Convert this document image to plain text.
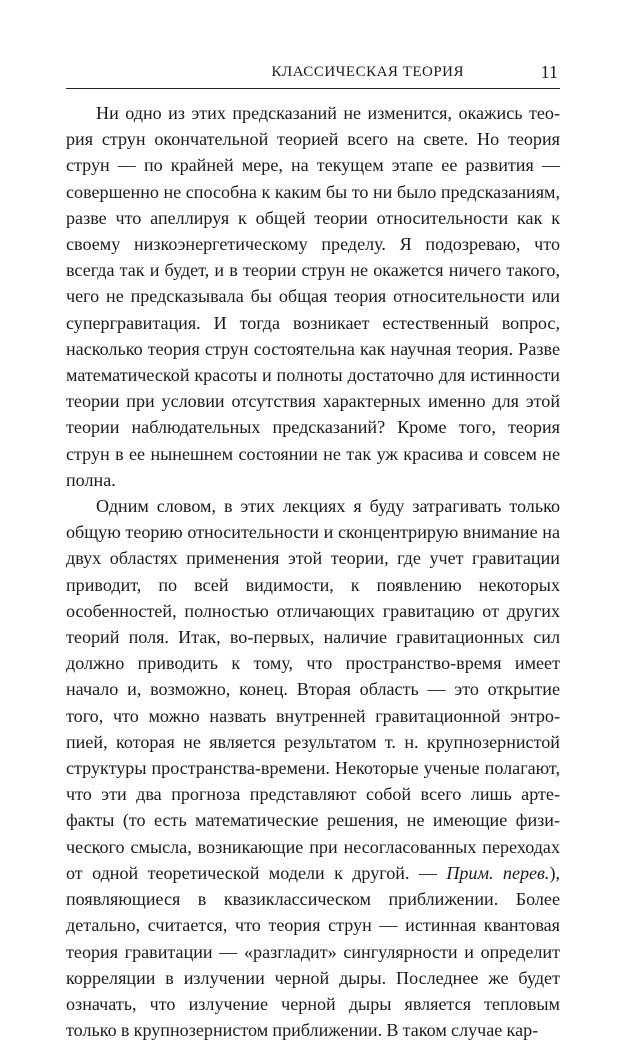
КЛАССИЧЕСКАЯ ТЕОРИЯ	11

Ни одно из этих предсказаний не изменится, окажись теория струн окончательной теорией всего на свете. Но теория струн — по крайней мере, на текущем этапе ее развития — совершенно не способна к каким бы то ни было предсказаниям, разве что апеллируя к общей теории относительности как к своему низкоэнергетическому пределу. Я подозреваю, что всегда так и будет, и в теории струн не окажется ничего такого, чего не предсказывала бы общая теория относительности или супергравитация. И тогда возникает естественный вопрос, насколько теория струн состоятельна как научная теория. Разве математической красоты и полноты достаточно для истинности теории при условии отсутствия характерных именно для этой теории наблюдательных предсказаний? Кроме того, теория струн в ее нынешнем состоянии не так уж красива и совсем не полна.

Одним словом, в этих лекциях я буду затрагивать только общую теорию относительности и сконцентрирую внимание на двух областях применения этой теории, где учет гравитации приводит, по всей видимости, к появлению некоторых особенностей, полностью отличающих гравитацию от других теорий поля. Итак, во-первых, наличие гравитационных сил должно приводить к тому, что пространство-время имеет начало и, возможно, конец. Вторая область — это открытие того, что можно назвать внутренней гравитационной энтропией, которая не является результатом т. н. крупнозернистой структуры пространства-времени. Некоторые ученые полагают, что эти два прогноза представляют собой всего лишь артефакты (то есть математические решения, не имеющие физического смысла, возникающие при несогласованных переходах от одной теоретической модели к другой. — Прим. перев.), появляющиеся в квазиклассическом приближении. Более детально, считается, что теория струн — истинная квантовая теория гравитации — «разгладит» сингулярности и определит корреляции в излучении черной дыры. Последнее же будет означать, что излучение черной дыры является тепловым только в крупнозернистом приближении. В таком случае кар-
